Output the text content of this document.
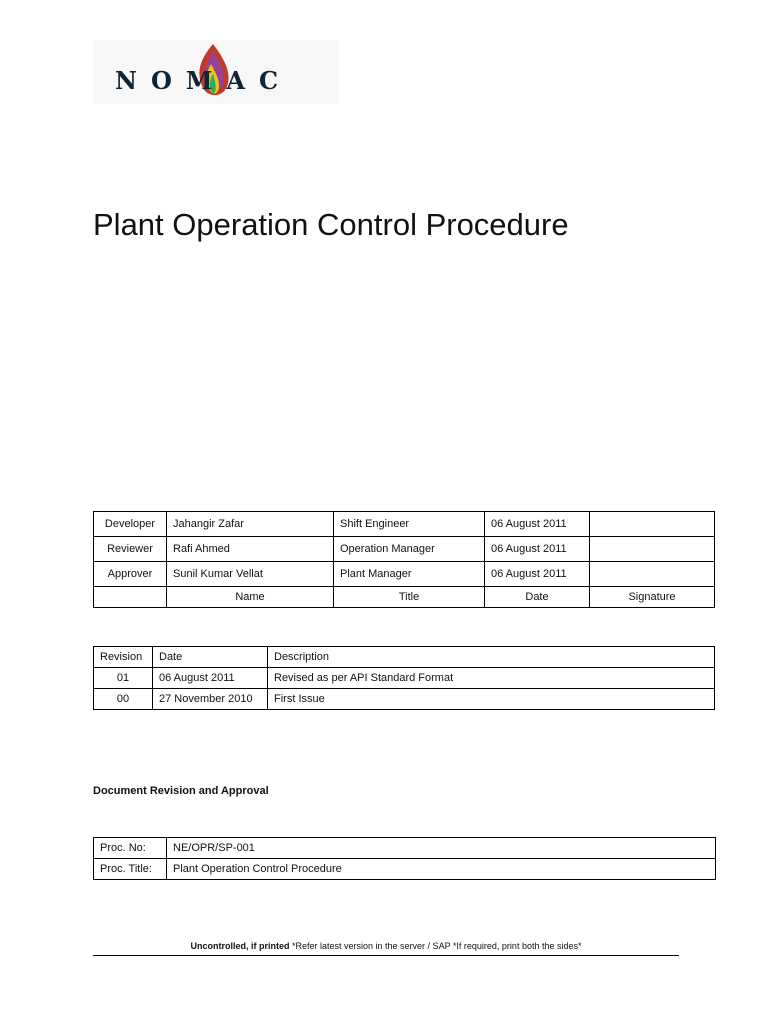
NOMAC
Plant Operation Control Procedure
Developer	Jahangir Zafar	Shift Engineer	06 August 2011	
Reviewer	Rafi Ahmed	Operation Manager	06 August 2011	
Approver	Sunil Kumar Vellat	Plant Manager	06 August 2011	
	Name	Title	Date	Signature
Revision	Date	Description
01	06 August 2011	Revised as per API Standard Format
00	27 November 2010	First Issue
Document Revision and Approval
Proc. No:	NE/OPR/SP-001
Proc. Title:	Plant Operation Control Procedure
Uncontrolled, if printed *Refer latest version in the server / SAP *If required, print both the sides*
